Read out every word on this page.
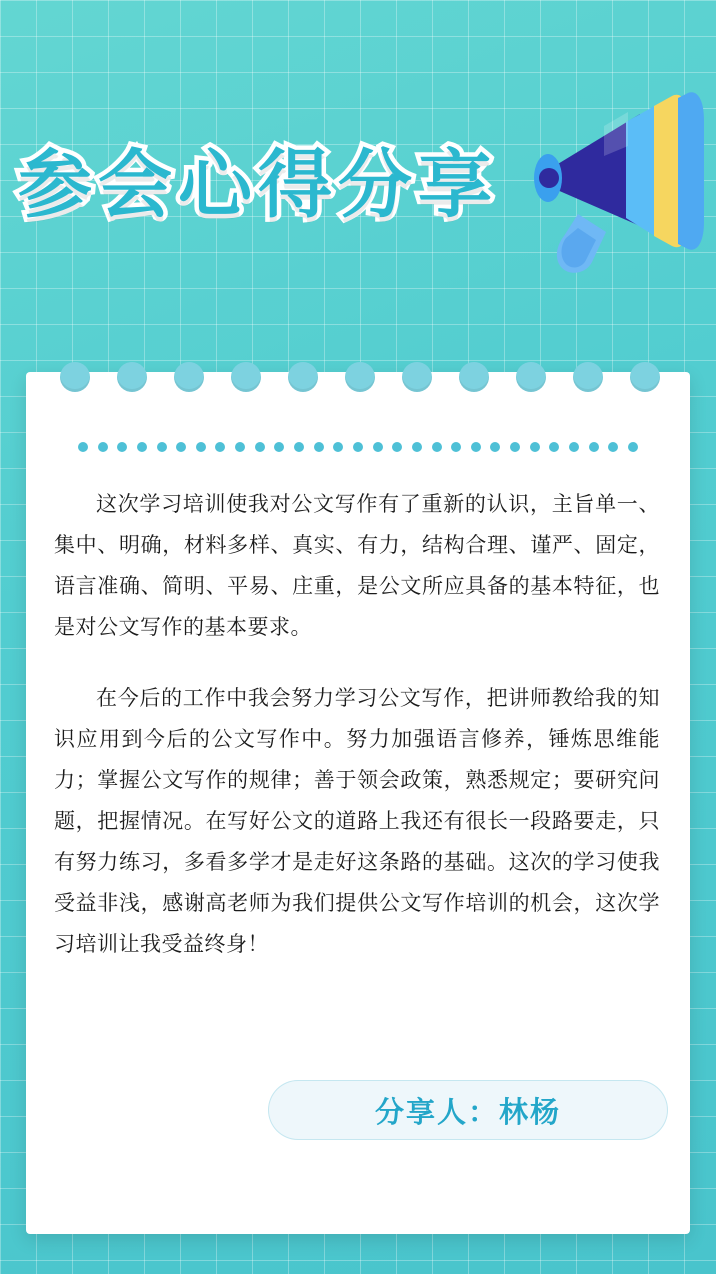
参会心得分享

这次学习培训使我对公文写作有了重新的认识，主旨单一、集中、明确，材料多样、真实、有力，结构合理、谨严、固定，语言准确、简明、平易、庄重，是公文所应具备的基本特征，也是对公文写作的基本要求。

在今后的工作中我会努力学习公文写作，把讲师教给我的知识应用到今后的公文写作中。努力加强语言修养，锤炼思维能力；掌握公文写作的规律；善于领会政策，熟悉规定；要研究问题，把握情况。在写好公文的道路上我还有很长一段路要走，只有努力练习，多看多学才是走好这条路的基础。这次的学习使我受益非浅，感谢高老师为我们提供公文写作培训的机会，这次学习培训让我受益终身！

分享人：林杨
